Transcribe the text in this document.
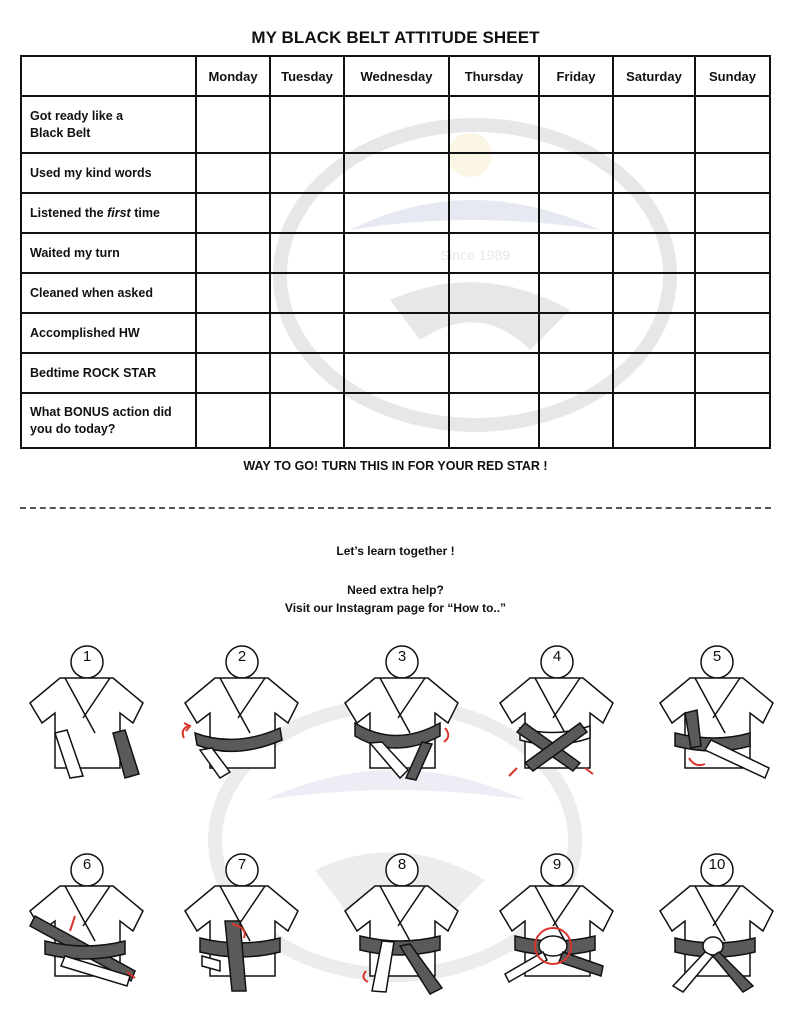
MY BLACK BELT ATTITUDE SHEET
Since 1989
	Monday	Tuesday	Wednesday	Thursday	Friday	Saturday	Sunday

Got ready like a Black Belt							

Used my kind words							
Listened the first time							
Waited my turn							
Cleaned when asked							
Accomplished HW							
Bedtime ROCK STAR							
What BONUS action did you do today?							
WAY TO GO! TURN THIS IN FOR YOUR RED STAR !
Let’s learn together !
Need extra help?
Visit our Instagram page for “How to..”
1	2	3	4	5
6	7	8	9	10
